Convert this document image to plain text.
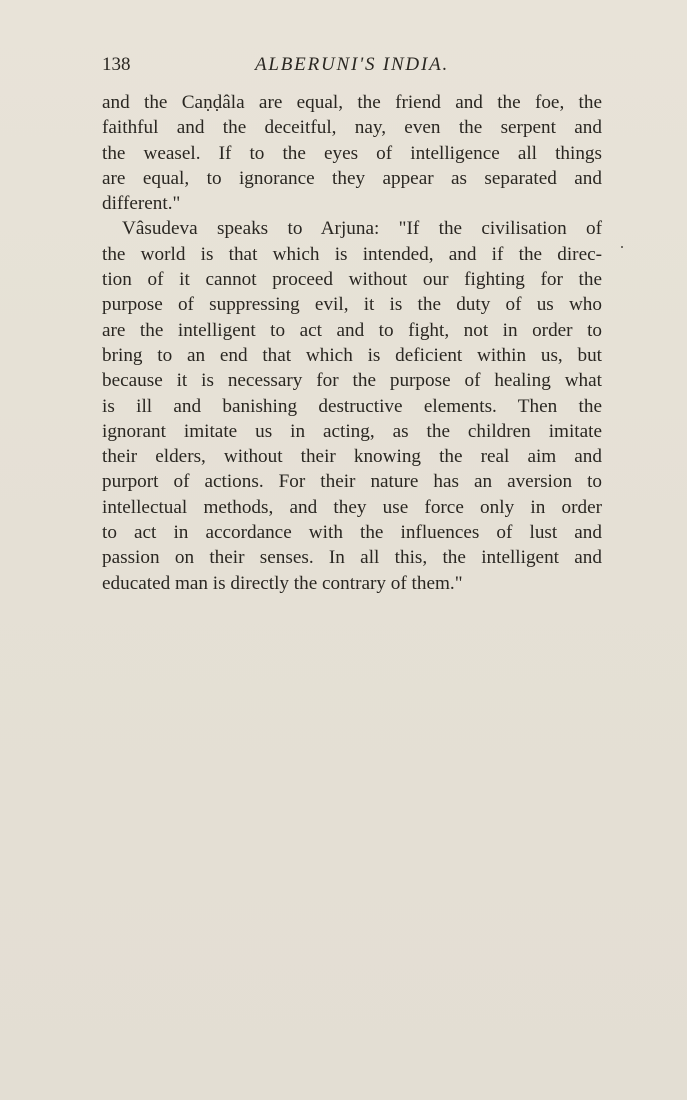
138	ALBERUNI'S INDIA.
and the Caṇḍâla are equal, the friend and the foe, the
faithful and the deceitful, nay, even the serpent and
the weasel. If to the eyes of intelligence all things
are equal, to ignorance they appear as separated and
different."
Vâsudeva speaks to Arjuna: "If the civilisation of
the world is that which is intended, and if the direc-
tion of it cannot proceed without our fighting for the
purpose of suppressing evil, it is the duty of us who
are the intelligent to act and to fight, not in order to
bring to an end that which is deficient within us, but
because it is necessary for the purpose of healing what
is ill and banishing destructive elements. Then the
ignorant imitate us in acting, as the children imitate
their elders, without their knowing the real aim and
purport of actions. For their nature has an aversion to
intellectual methods, and they use force only in order
to act in accordance with the influences of lust and
passion on their senses. In all this, the intelligent and
educated man is directly the contrary of them."
